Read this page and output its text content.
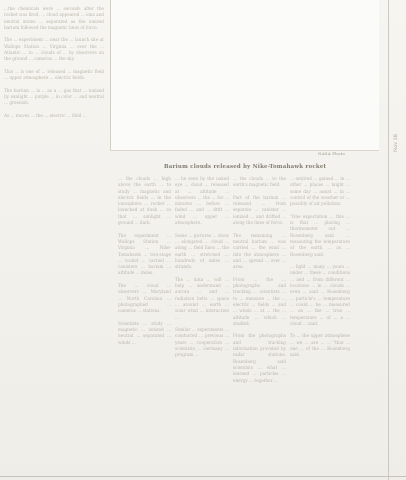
NASA Photo
Barium clouds released by Nike-Tomahawk rocket
Nov 28
...the chemicals were ... seconds after the rocket was fired, ... cloud appeared ... ions and neutral atoms ... separated as the ionized barium followed the magnetic lines of force.

The ... experiment ... near the ... launch site at Wallops Station ... Virginia ... over the ... Atlantic ... to ... clouds of ... by observers on the ground ... cameras ... the sky.

This ... is one of ... released ... magnetic field ... upper atmosphere ... electric fields.

The barium ... is ... as a ... gas that ... ionized by sunlight ... purple ... in color ... and neutral ... greenish.

As ... moves ... the ... electric ... field ...
... the clouds ... high above the earth ... to study ... magnetic and electric fields ... in the ionosphere ... rocket ... launched at dusk ... so that ... sunlight ... ground ... dark.

The experiment ... Wallops Station ... Virginia ... Nike-Tomahawk ... two-stage ... rocket ... carried ... canisters ... barium ... altitude ... miles.

The ... cloud ... observers ... Maryland ... North Carolina ... photographed ... cameras ... stations.

Scientists ... study ... magnetic ... ionized ... neutral ... separated ... winds ...
... be seen by the naked eye ... cloud ... released at ... altitude ... observers ... the ... for ... minutes ... before ... faded ... and ... drift ... wind ... upper ... atmosphere.

Some ... pictures ... show ... elongated ... cloud ... along ... field lines ... the earth ... stretched ... hundreds of miles ... strands.

The ... data ... will ... help ... understand ... aurora ... and ... radiation belts ... space ... around ... earth ... solar wind ... interaction ...

Similar ... experiments ... conducted ... previous ... years ... cooperation ... scientists ... Germany ... program ...
... the clouds ... to the earth's magnetic field.

Part of the barium ... released ... from separate ... canister ... ionized ... and drifted ... along the lines of force.

The remaining ... neutral barium ... was carried ... the wind ... into the atmosphere ... and ... spread ... over ... area.

From ... the ... photographs and tracking ... scientists ... to ... measure ... the ... electric ... fields ... and ... winds ... at ... the ... altitude ... which ... studied.

From the photographs and tracking information provided by radar stations, Rosenberg said scientists ... what ... learned ... particles ... energy ... together ...
... emitted ... gained ... in ... other ... places ... might ... some day ... assist ... in ... control of the weather or ... possibly of air pollution.

"One expectation ... this ... is that ... placing ... thermometer out ... Rosenberg said ... measuring the temperature of the earth ... as ... Rosenberg said.

... light ... many ... years ... under ... these ... conditions ... and ... from different ... locations ... in ... clouds ... even ... said ... Rosenberg ... particle's ... temperature ... could ... be ... measured ... on ... the ... true ... temperature ... of ... a ... cloud ... said.

To ... the upper atmosphere ... we ... are ... ... "that ... one ... of the ... Rosenberg said.
